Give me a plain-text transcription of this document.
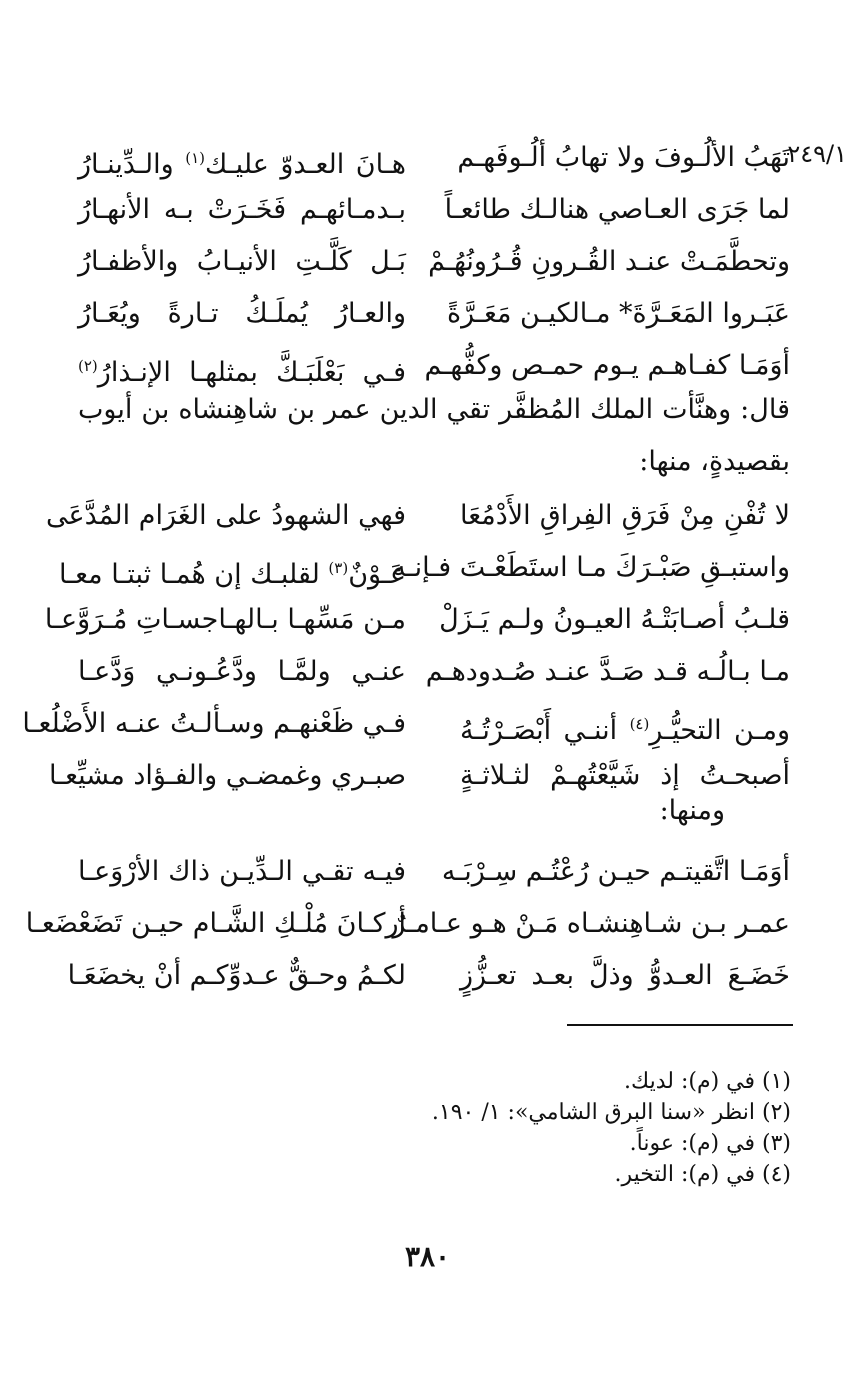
٢٤٩/١
تَهَبُ الألُـوفَ ولا تهابُ ألُـوفَهـم
هـانَ العـدوّ عليـك$^{(١)}$ والـدِّينـارُ
لما جَرَى العـاصي هنالـك طائعـاً
بـدمـائهـم فَخَـرَتْ بـه الأنهـارُ
وتحطَّمَـتْ عنـد القُـرونِ قُـرُونُهُـمْ
بَـل كَلَّـتِ الأنيـابُ والأظفـارُ
عَبَـروا المَعَـرَّةَ* مـالكيـن مَعَـرَّةً
والعـارُ يُملَـكُ تـارةً ويُعَـارُ
أوَمَـا كفـاهـم يـوم حمـص وكفُّهـم
فـي بَعْلَبَـكَّ بمثلهـا الإنـذارُ$^{(٢)}$
قال: وهنَّأت الملك المُظفَّر تقي الدين عمر بن شاهِنشاه بن أيوب
بقصيدةٍ، منها:
لا تُفْنِ مِنْ فَرَقِ الفِراقِ الأَدْمُعَا
فهي الشهودُ على الغَرَام المُدَّعَى
واستبـقِ صَبْـرَكَ مـا استَطَعْـتَ فـإنـه
عَـوْنٌ$^{(٣)}$ لقلبـك إن هُمـا ثبتـا معـا
قلـبُ أصـابَتْـهُ العيـونُ ولـم يَـزَلْ
مـن مَسِّهـا بـالهـاجسـاتِ مُـرَوَّعـا
مـا بـالُـه قـد صَـدَّ عنـد صُـدودهـم
عنـي ولمَّـا ودَّعُـونـي وَدَّعـا
ومـن التحيُّـرِ$^{(٤)}$ أننـي أَبْصَـرْتُـهُ
فـي ظَعْنهـم وسـألـتُ عنـه الأَضْلُعـا
أصبحـتُ إذ شَيَّعْتُهـمْ لثـلاثـةٍ
صبـري وغمضـي والفـؤاد مشيِّعـا
ومنها:
أوَمَـا اتَّقيتـم حيـن رُعْتُـم سِـرْبَـه
فيـه تقـي الـدِّيـن ذاك الأرْوَعـا
عمـر بـن شـاهِنشـاه مَـنْ هـو عـامـرٌ
أركـانَ مُلْـكِ الشَّـام حيـن تَضَعْضَعـا
خَضَـعَ العـدوُّ وذلَّ بعـد تعـزُّزٍ
لكـمُ وحـقٌّ عـدوِّكـم أنْ يخضَعَـا
(١) في (م): لديك.
(٢) انظر «سنا البرق الشامي»: ١/ ١٩٠.
(٣) في (م): عوناً.
(٤) في (م): التخير.
٣٨٠
